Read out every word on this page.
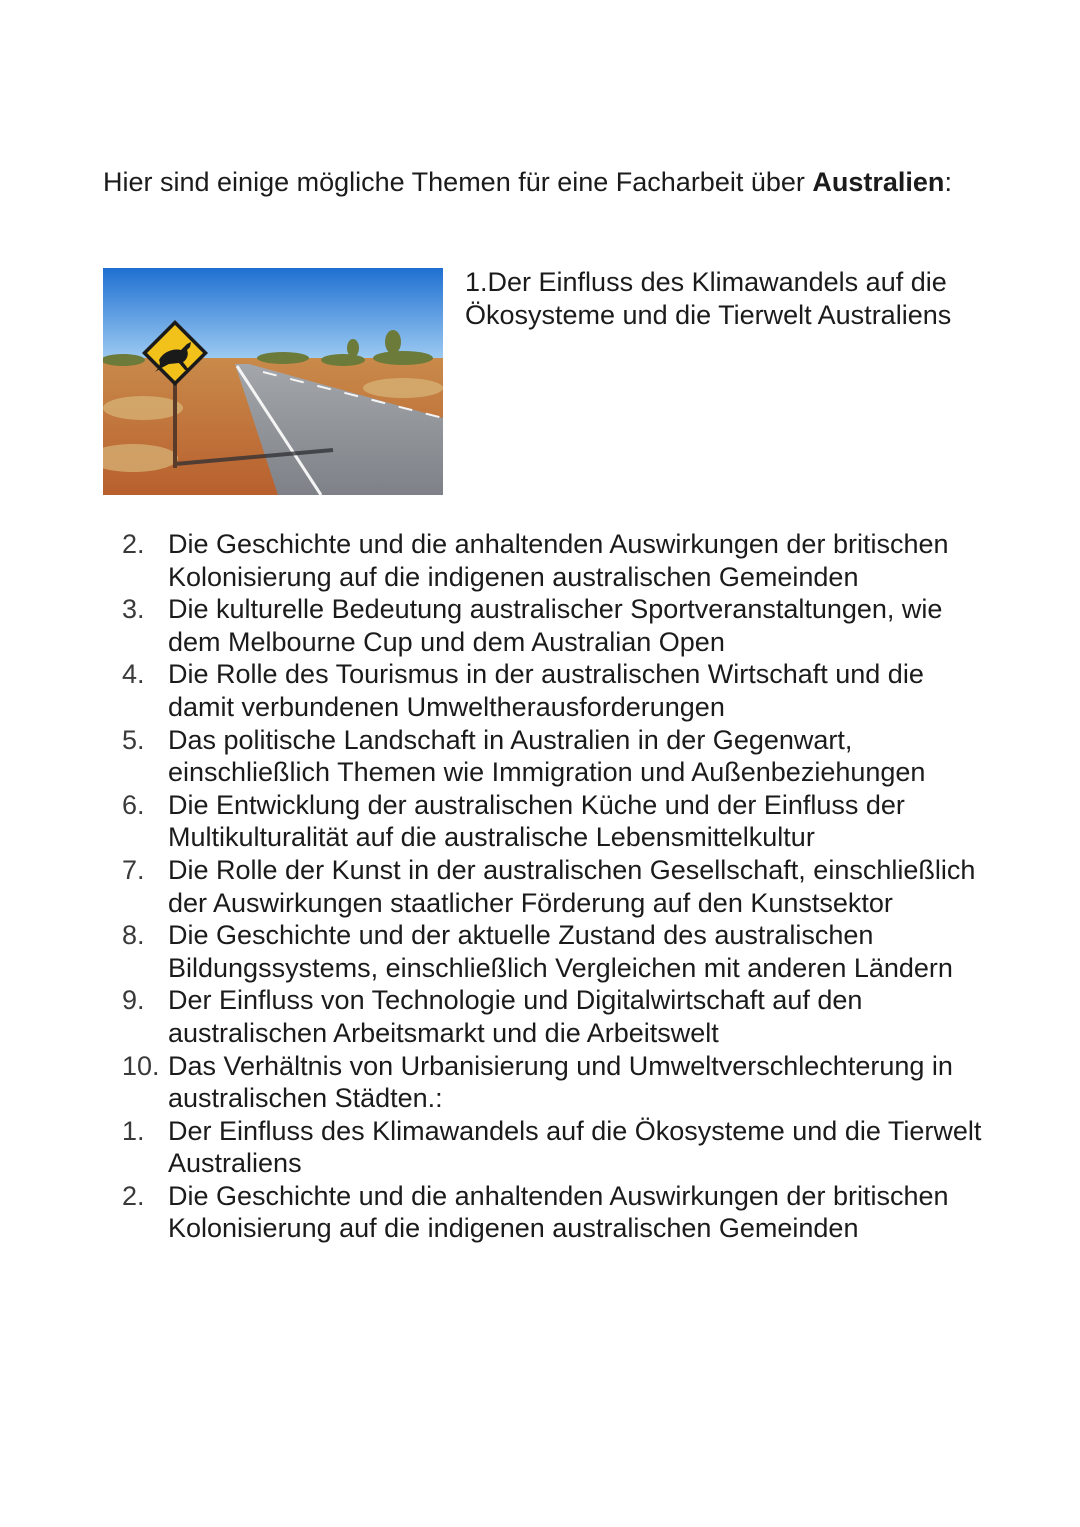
Hier sind einige mögliche Themen für eine Facharbeit über Australien:

1.Der Einfluss des Klimawandels auf die Ökosysteme und die Tierwelt Australiens

2. Die Geschichte und die anhaltenden Auswirkungen der britischen Kolonisierung auf die indigenen australischen Gemeinden
3. Die kulturelle Bedeutung australischer Sportveranstaltungen, wie dem Melbourne Cup und dem Australian Open
4. Die Rolle des Tourismus in der australischen Wirtschaft und die damit verbundenen Umweltherausforderungen
5. Das politische Landschaft in Australien in der Gegenwart, einschließlich Themen wie Immigration und Außenbeziehungen
6. Die Entwicklung der australischen Küche und der Einfluss der Multikulturalität auf die australische Lebensmittelkultur
7. Die Rolle der Kunst in der australischen Gesellschaft, einschließlich der Auswirkungen staatlicher Förderung auf den Kunstsektor
8. Die Geschichte und der aktuelle Zustand des australischen Bildungssystems, einschließlich Vergleichen mit anderen Ländern
9. Der Einfluss von Technologie und Digitalwirtschaft auf den australischen Arbeitsmarkt und die Arbeitswelt
10. Das Verhältnis von Urbanisierung und Umweltverschlechterung in australischen Städten.:
1. Der Einfluss des Klimawandels auf die Ökosysteme und die Tierwelt Australiens
2. Die Geschichte und die anhaltenden Auswirkungen der britischen Kolonisierung auf die indigenen australischen Gemeinden
